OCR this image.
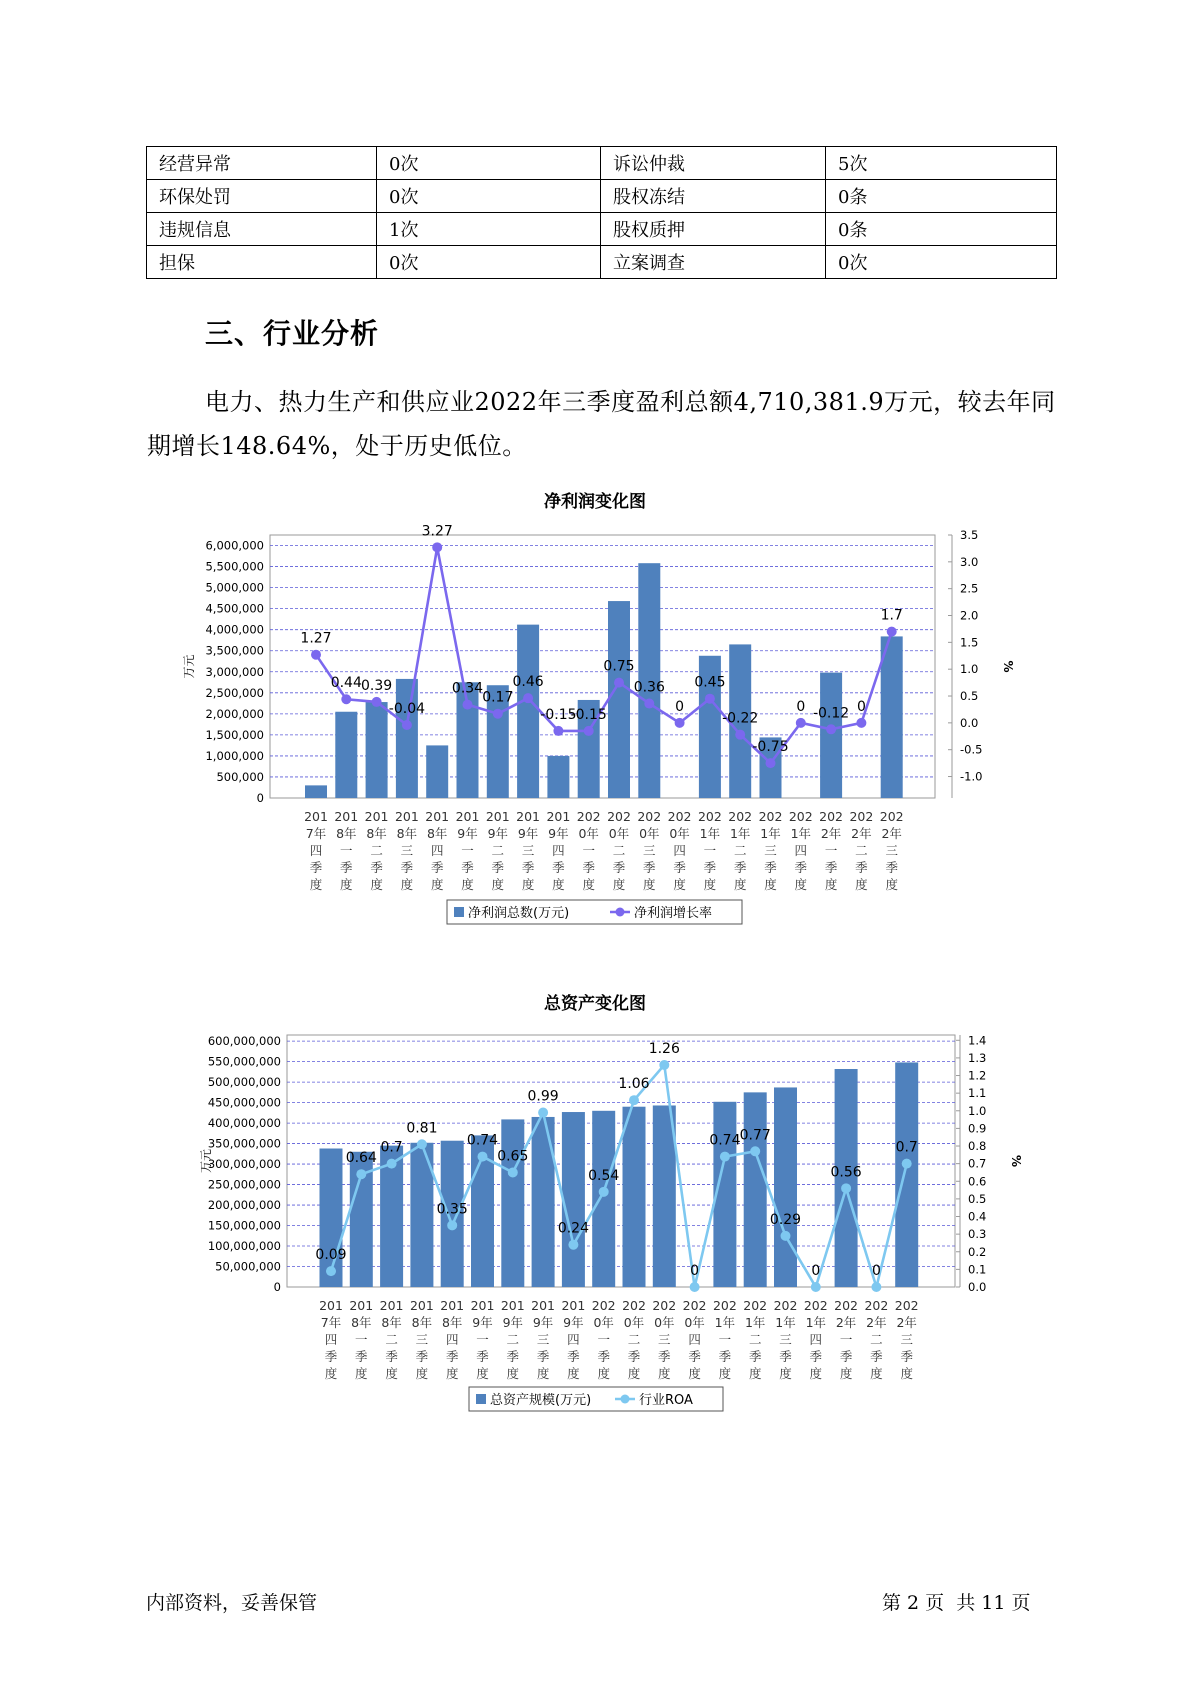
经营异常	0次	诉讼仲裁	5次
环保处罚	0次	股权冻结	0条
违规信息	1次	股权质押	0条
担保	0次	立案调查	0次
三、行业分析

电力、热力生产和供应业2022年三季度盈利总额4,710,381.9万元，较去年同期增长148.64%，处于历史低位。

净利润变化图
0
500,000
1,000,000
1,500,000
2,000,000
2,500,000
3,000,000
3,500,000
4,000,000
4,500,000
5,000,000
5,500,000
6,000,000
-1.0
-0.5
0.0
0.5
1.0
1.5
2.0
2.5
3.0
3.5
万元	%
201
7年
四
季
度
201
8年
一
季
度
201
8年
二
季
度
201
8年
三
季
度
201
8年
四
季
度
201
9年
一
季
度
201
9年
二
季
度
201
9年
三
季
度
201
9年
四
季
度
202
0年
一
季
度
202
0年
二
季
度
202
0年
三
季
度
202
0年
四
季
度
202
1年
一
季
度
202
1年
二
季
度
202
1年
三
季
度
202
1年
四
季
度
202
2年
一
季
度
202
2年
二
季
度
202
2年
三
季
度
1.27
0.44 0.39
-0.04
3.27
0.34
0.17
0.46
-0.15
-0.15
0.75
0.36
0
0.45
-0.22
-0.75
0 -0.12 0
1.7
净利润总数(万元)	净利润增长率
总资产变化图
0
50,000,000
100,000,000
150,000,000
200,000,000
250,000,000
300,000,000
350,000,000
400,000,000
450,000,000
500,000,000
550,000,000
600,000,000
0.0
0.1
0.2
0.3
0.4
0.5
0.6
0.7
0.8
0.9
1.0
1.1
1.2
1.3
1.4
万元	%
201
7年
四
季
度
201
8年
一
季
度
201
8年
二
季
度
201
8年
三
季
度
201
8年
四
季
度
201
9年
一
季
度
201
9年
二
季
度
201
9年
三
季
度
201
9年
四
季
度
202
0年
一
季
度
202
0年
二
季
度
202
0年
三
季
度
202
0年
四
季
度
202
1年
一
季
度
202
1年
二
季
度
202
1年
三
季
度
202
1年
四
季
度
202
2年
一
季
度
202
2年
二
季
度
202
2年
三
季
度
0.09
0.64
0.7
0.81
0.35
0.74
0.65
0.99
0.24
0.54
1.06
1.26
0
0.74 0.77
0.29
0
0.56
0
0.7
总资产规模(万元)	行业ROA
内部资料，妥善保管	第 2 页  共 11 页
